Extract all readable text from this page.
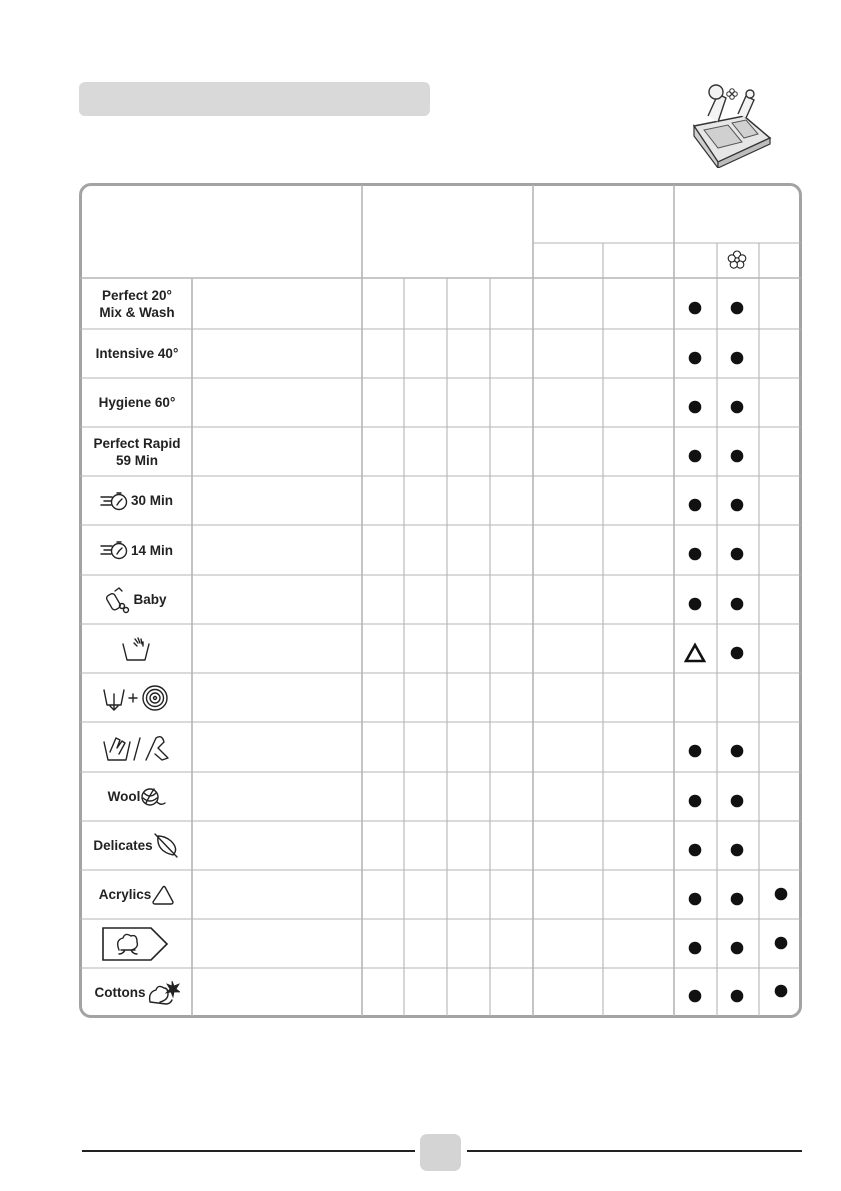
Perfect 20°
Mix & Wash
Intensive 40°
Hygiene 60°
Perfect Rapid
59 Min
30 Min
14 Min
Baby
Wool
Delicates
Acrylics
Cottons
